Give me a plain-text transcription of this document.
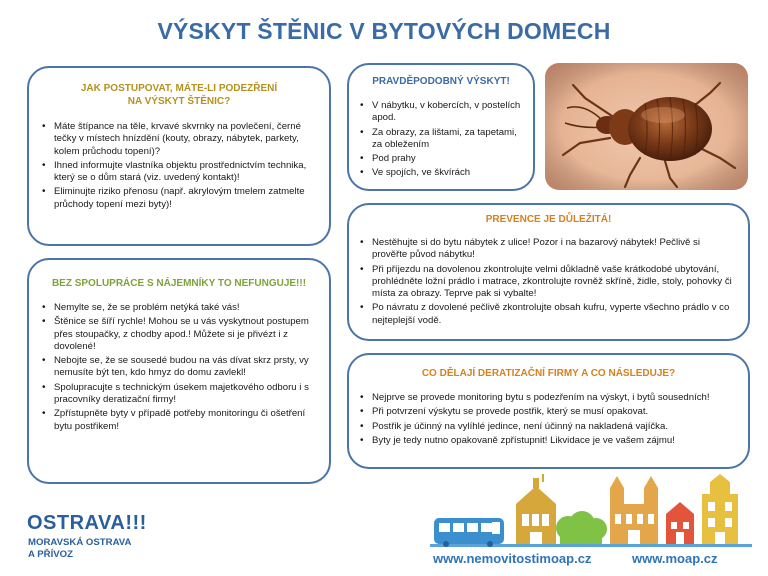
VÝSKYT ŠTĚNIC V BYTOVÝCH DOMECH
JAK POSTUPOVAT, MÁTE-LI PODEZŘENÍ
NA VÝSKYT ŠTĚNIC?
• Máte štípance na těle, krvavé skvrnky na povlečení, černé tečky v místech hnízdění (kouty, obrazy, nábytek, parkety, kolem průchodu topení)?
• Ihned informujte vlastníka objektu prostřednictvím technika, který se o dům stará (viz. uvedený kontakt)!
• Eliminujte riziko přenosu (např. akrylovým tmelem zatmelte průchody topení mezi byty)!
BEZ SPOLUPRÁCE S NÁJEMNÍKY TO NEFUNGUJE!!!
• Nemylte se, že se problém netýká také vás!
• Štěnice se šíří rychle! Mohou se u vás vyskytnout postupem přes stoupačky, z chodby apod.! Můžete si je přivézt i z dovolené!
• Nebojte se, že se sousedé budou na vás dívat skrz prsty, vy nemusíte být ten, kdo hmyz do domu zavlekl!
• Spolupracujte s technickým úsekem majetkového odboru i s pracovníky deratizační firmy!
• Zpřístupněte byty v případě potřeby monitoringu či ošetření bytu postřikem!
PRAVDĚPODOBNÝ VÝSKYT!
• V nábytku, v kobercích, v postelích apod.
• Za obrazy, za lištami, za tapetami, za obležením
• Pod prahy
• Ve spojích, ve škvírách
PREVENCE JE DŮLEŽITÁ!
• Nestěhujte si do bytu nábytek z ulice! Pozor i na bazarový nábytek! Pečlivě si prověřte původ nábytku!
• Při příjezdu na dovolenou zkontrolujte velmi důkladně vaše krátkodobé ubytování, prohlédněte ložní prádlo i matrace, zkontrolujte rovněž skříně, židle, stoly, pohovky či místa za obrazy. Teprve pak si vybalte!
• Po návratu z dovolené pečlivě zkontrolujte obsah kufru, vyperte všechno prádlo v co nejteplejší vodě.
CO DĚLAJÍ DERATIZAČNÍ FIRMY A CO NÁSLEDUJE?
• Nejprve se provede monitoring bytu s podezřením na výskyt, i bytů sousedních!
• Při potvrzení výskytu se provede postřik, který se musí opakovat.
• Postřik je účinný na vylíhlé jedince, není účinný na nakladená vajíčka.
• Byty je tedy nutno opakovaně zpřístupnit! Likvidace je ve vašem zájmu!
OSTRAVA!!!
MORAVSKÁ OSTRAVA
A PŘÍVOZ	www.nemovitostimoap.cz	www.moap.cz
